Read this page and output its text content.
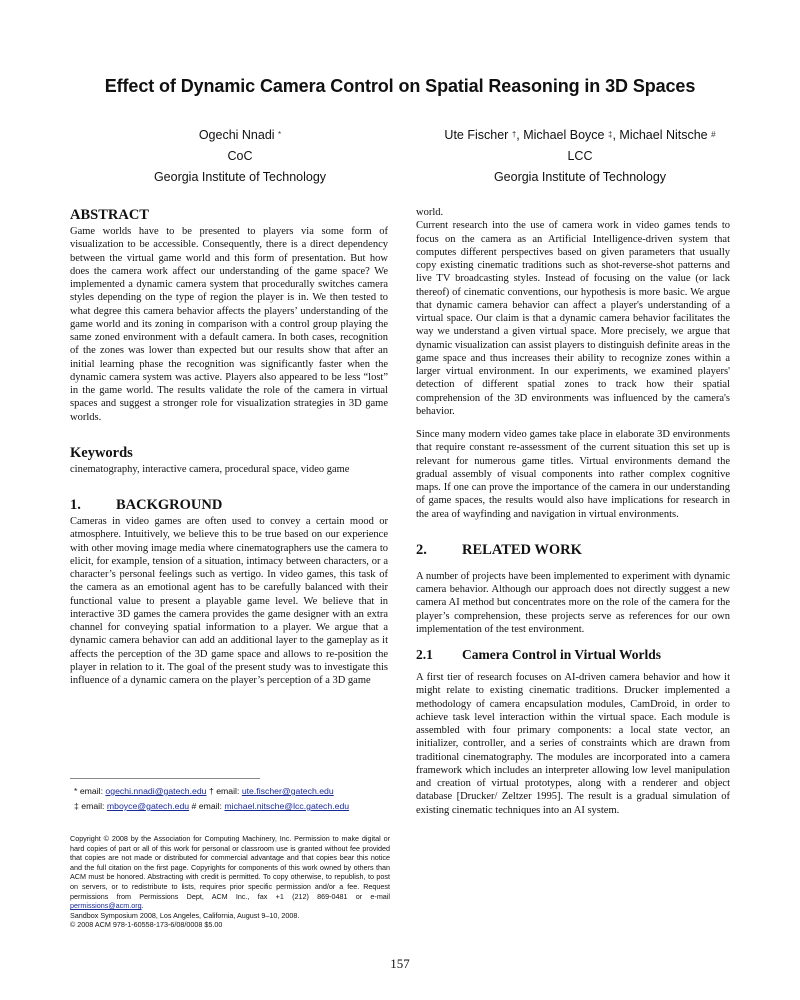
Effect of Dynamic Camera Control on Spatial Reasoning in 3D Spaces
Ogechi Nnadi *
CoC
Georgia Institute of Technology
Ute Fischer †, Michael Boyce ‡, Michael Nitsche #
LCC
Georgia Institute of Technology
ABSTRACT

Game worlds have to be presented to players via some form of visualization to be accessible. Consequently, there is a direct dependency between the virtual game world and this form of presentation. But how does the camera work affect our understanding of the game space? We implemented a dynamic camera system that procedurally switches camera styles depending on the type of region the player is in. We then tested to what degree this camera behavior affects the players’ understanding of the game world and its zoning in comparison with a control group playing the same zoned environment with a default camera. In both cases, recognition of the zones was lower than expected but our results show that after an initial learning phase the recognition was significantly faster when the dynamic camera system was active. Players also appeared to be less “lost” in the game world. The results validate the role of the camera in virtual spaces and suggest a stronger role for visualization strategies in 3D game worlds.

Keywords

cinematography, interactive camera, procedural space, video game

1. BACKGROUND

Cameras in video games are often used to convey a certain mood or atmosphere. Intuitively, we believe this to be true based on our experience with other moving image media where cinematographers use the camera to elicit, for example, tension of a situation, intimacy between characters, or a character’s personal feelings such as vertigo. In video games, this task of the camera as an emotional agent has to be carefully balanced with their functional value to present a playable game level. We believe that in interactive 3D games the camera provides the game designer with an extra channel for conveying spatial information to a player. We argue that a dynamic camera behavior can add an additional layer to the gameplay as it affects the perception of the 3D game space and allows to re-position the player in relation to it. The goal of the present study was to investigate this influence of a dynamic camera on the player’s perception of a 3D game

world.

Current research into the use of camera work in video games tends to focus on the camera as an Artificial Intelligence-driven system that computes different perspectives based on given parameters that usually copy existing cinematic traditions such as shot-reverse-shot patterns and live TV broadcasting styles. Instead of focusing on the value (or lack thereof) of cinematic conventions, our hypothesis is more basic. We argue that dynamic camera behavior can affect a player's understanding of a virtual space. Our claim is that a dynamic camera behavior facilitates the way we understand a given virtual space. More precisely, we argue that dynamic visualization can assist players to distinguish definite areas in the game space and thus increases their ability to recognize zones within a larger virtual environment. In our experiments, we examined players' detection of different spatial zones to track how their spatial comprehension of the 3D environments was influenced by the camera's behavior.

Since many modern video games take place in elaborate 3D environments that require constant re-assessment of the current situation this set up is relevant for numerous game titles. Virtual environments demand the gradual assembly of visual components into rather complex cognitive maps. If one can prove the importance of the camera in our understanding of game spaces, the results would also have implications for research in the area of wayfinding and navigation in virtual environments.

2. RELATED WORK

A number of projects have been implemented to experiment with dynamic camera behavior. Although our approach does not directly suggest a new camera AI method but concentrates more on the role of the camera for the player’s comprehension, these projects serve as references for our own implementation of the test environment.

2.1 Camera Control in Virtual Worlds

A first tier of research focuses on AI-driven camera behavior and how it might relate to existing cinematic traditions. Drucker implemented a methodology of camera encapsulation modules, CamDroid, in order to achieve task level interaction within the virtual space. Each module is assembled with four primary components: a local state vector, an initializer, controller, and a series of constraints which are drawn from traditional cinematography. The modules are incorporated into a camera framework which includes an interpreter allowing low level manipulation and creation of virtual prototypes, along with a renderer and object database [Drucker/ Zeltzer 1995]. The result is a gradual simulation of existing cinematic techniques into an AI system.

* email: ogechi.nnadi@gatech.edu † email: ute.fischer@gatech.edu
‡ email: mboyce@gatech.edu # email: michael.nitsche@lcc.gatech.edu
Copyright © 2008 by the Association for Computing Machinery, Inc. Permission to make digital or hard copies of part or all of this work for personal or classroom use is granted without fee provided that copies are not made or distributed for commercial advantage and that copies bear this notice and the full citation on the first page. Copyrights for components of this work owned by others than ACM must be honored. Abstracting with credit is permitted. To copy otherwise, to republish, to post on servers, or to redistribute to lists, requires prior specific permission and/or a fee. Request permissions from Permissions Dept, ACM Inc., fax +1 (212) 869-0481 or e-mail permissions@acm.org.
Sandbox Symposium 2008, Los Angeles, California, August 9–10, 2008.
© 2008 ACM 978-1-60558-173-6/08/0008 $5.00
157
